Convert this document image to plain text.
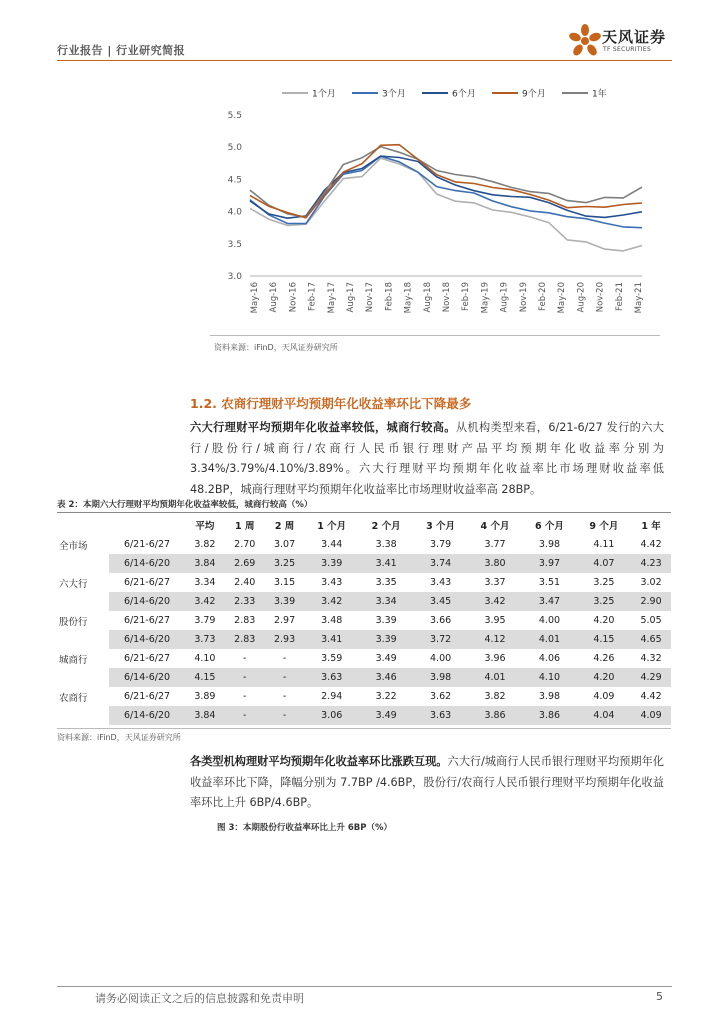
行业报告 | 行业研究简报
天风证券
TF SECURITIES
1个月	3个月	6个月	9个月	1年
5.5
5.0
4.5
4.0
3.5
3.0
May-16 Aug-16 Nov-16 Feb-17 May-17 Aug-17 Nov-17 Feb-18 May-18 Aug-18 Nov-18 Feb-19 May-19 Aug-19 Nov-19 Feb-20 May-20 Aug-20 Nov-20 Feb-21 May-21
资料来源：iFinD，天风证券研究所
1.2. 农商行理财平均预期年化收益率环比下降最多
六大行理财平均预期年化收益率较低，城商行较高。从机构类型来看，6/21-6/27 发行的六大行/股份行/城商行/农商行人民币银行理财产品平均预期年化收益率分别为3.34%/3.79%/4.10%/3.89%。六大行理财平均预期年化收益率比市场理财收益率低 48.2BP，城商行理财平均预期年化收益率比市场理财收益率高 28BP。
表 2：本期六大行理财平均预期年化收益率较低，城商行较高（%）
		平均	1 周	2 周	1 个月	2 个月	3 个月	4 个月	6 个月	9 个月	1 年
全市场	6/21-6/27	3.82	2.70	3.07	3.44	3.38	3.79	3.77	3.98	4.11	4.42
	6/14-6/20	3.84	2.69	3.25	3.39	3.41	3.74	3.80	3.97	4.07	4.23
六大行	6/21-6/27	3.34	2.40	3.15	3.43	3.35	3.43	3.37	3.51	3.25	3.02
	6/14-6/20	3.42	2.33	3.39	3.42	3.34	3.45	3.42	3.47	3.25	2.90
股份行	6/21-6/27	3.79	2.83	2.97	3.48	3.39	3.66	3.95	4.00	4.20	5.05
	6/14-6/20	3.73	2.83	2.93	3.41	3.39	3.72	4.12	4.01	4.15	4.65
城商行	6/21-6/27	4.10	-	-	3.59	3.49	4.00	3.96	4.06	4.26	4.32
	6/14-6/20	4.15	-	-	3.63	3.46	3.98	4.01	4.10	4.20	4.29
农商行	6/21-6/27	3.89	-	-	2.94	3.22	3.62	3.82	3.98	4.09	4.42
	6/14-6/20	3.84	-	-	3.06	3.49	3.63	3.86	3.86	4.04	4.09
资料来源：iFinD，天风证券研究所
各类型机构理财平均预期年化收益率环比涨跌互现。六大行/城商行人民币银行理财平均预期年化收益率环比下降，降幅分别为 7.7BP /4.6BP，股份行/农商行人民币银行理财平均预期年化收益率环比上升 6BP/4.6BP。
图 3：本期股份行收益率环比上升 6BP（%）
请务必阅读正文之后的信息披露和免责申明	5
